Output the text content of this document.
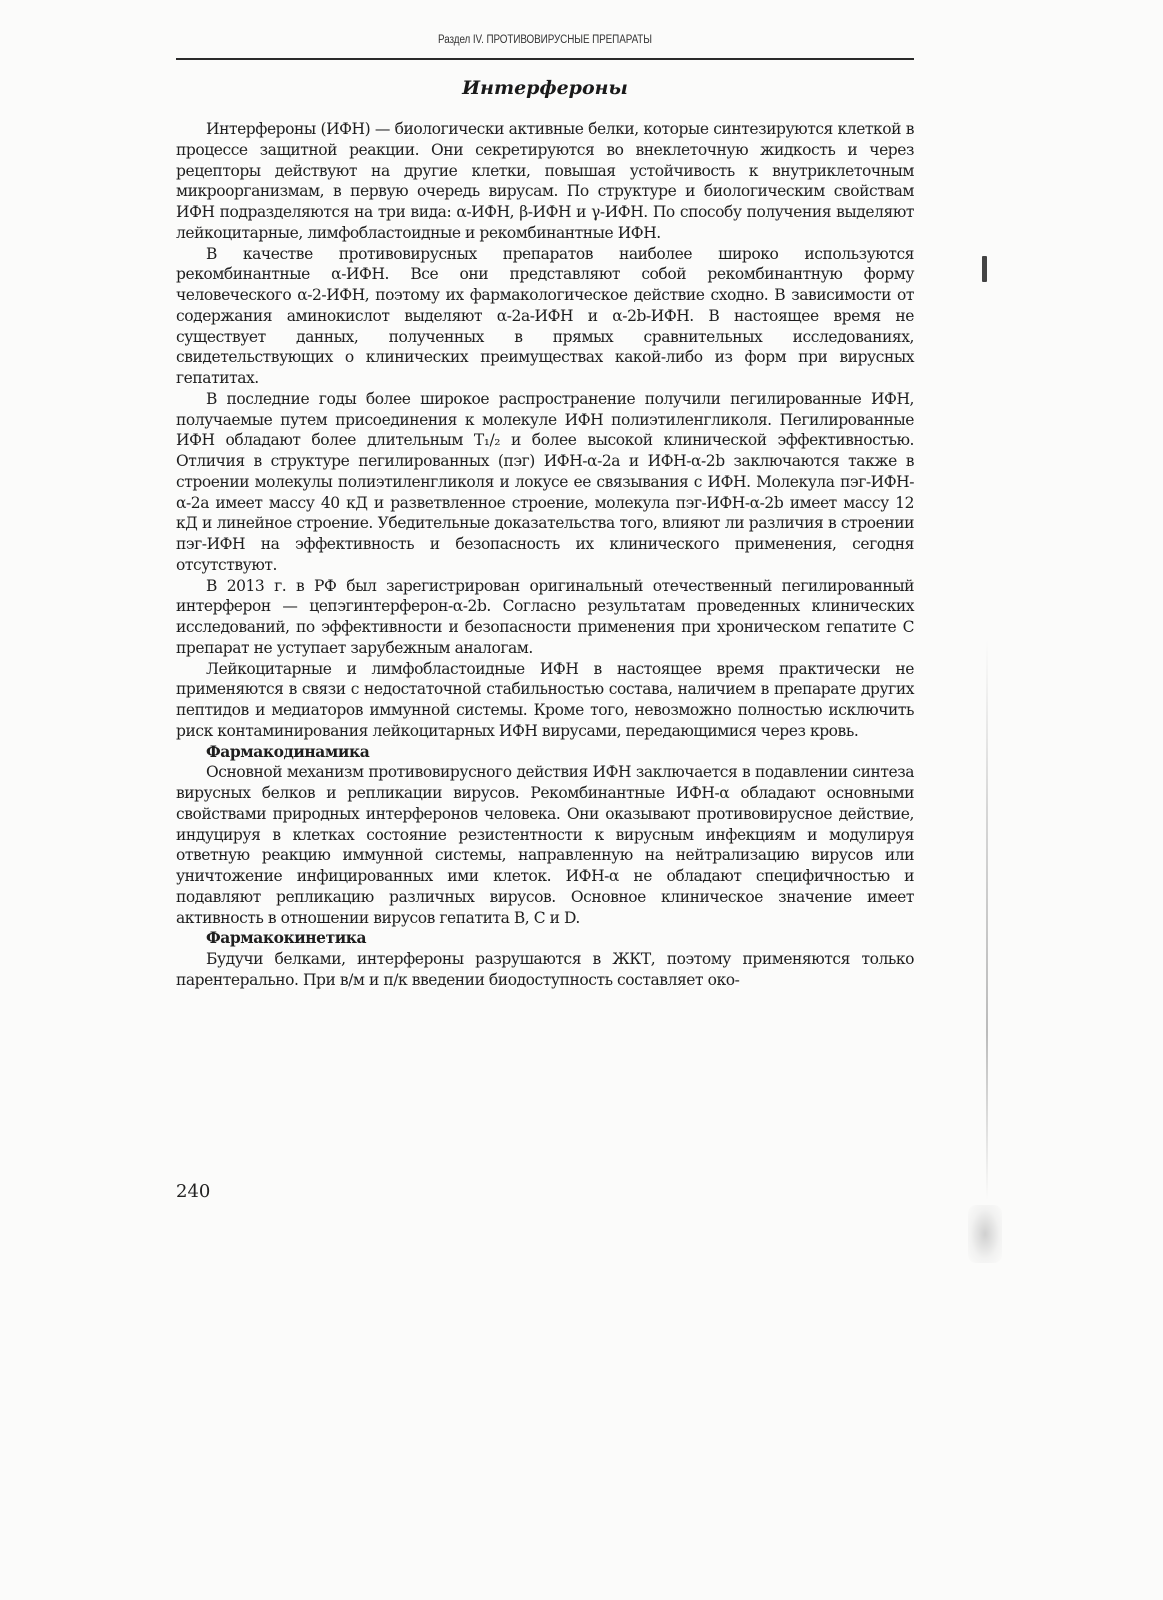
Раздел IV. ПРОТИВОВИРУСНЫЕ ПРЕПАРАТЫ
Интерфероны

Интерфероны (ИФН) — биологически активные белки, которые синтезируются клеткой в процессе защитной реакции. Они секретируются во внеклеточную жидкость и через рецепторы действуют на другие клетки, повышая устойчивость к внутриклеточным микроорганизмам, в первую очередь вирусам. По структуре и биологическим свойствам ИФН подразделяются на три вида: α-ИФН, β-ИФН и γ-ИФН. По способу получения выделяют лейкоцитарные, лимфобластоидные и рекомбинантные ИФН.

В качестве противовирусных препаратов наиболее широко используются рекомбинантные α-ИФН. Все они представляют собой рекомбинантную форму человеческого α-2-ИФН, поэтому их фармакологическое действие сходно. В зависимости от содержания аминокислот выделяют α-2a-ИФН и α-2b-ИФН. В настоящее время не существует данных, полученных в прямых сравнительных исследованиях, свидетельствующих о клинических преимуществах какой-либо из форм при вирусных гепатитах.

В последние годы более широкое распространение получили пегилированные ИФН, получаемые путем присоединения к молекуле ИФН полиэтиленгликоля. Пегилированные ИФН обладают более длительным T₁/₂ и более высокой клинической эффективностью. Отличия в структуре пегилированных (пэг) ИФН-α-2a и ИФН-α-2b заключаются также в строении молекулы полиэтиленгликоля и локусе ее связывания с ИФН. Молекула пэг-ИФН-α-2a имеет массу 40 кД и разветвленное строение, молекула пэг-ИФН-α-2b имеет массу 12 кД и линейное строение. Убедительные доказательства того, влияют ли различия в строении пэг-ИФН на эффективность и безопасность их клинического применения, сегодня отсутствуют.

В 2013 г. в РФ был зарегистрирован оригинальный отечественный пегилированный интерферон — цепэгинтерферон-α-2b. Согласно результатам проведенных клинических исследований, по эффективности и безопасности применения при хроническом гепатите С препарат не уступает зарубежным аналогам.

Лейкоцитарные и лимфобластоидные ИФН в настоящее время практически не применяются в связи с недостаточной стабильностью состава, наличием в препарате других пептидов и медиаторов иммунной системы. Кроме того, невозможно полностью исключить риск контаминирования лейкоцитарных ИФН вирусами, передающимися через кровь.

Фармакодинамика

Основной механизм противовирусного действия ИФН заключается в подавлении синтеза вирусных белков и репликации вирусов. Рекомбинантные ИФН-α обладают основными свойствами природных интерферонов человека. Они оказывают противовирусное действие, индуцируя в клетках состояние резистентности к вирусным инфекциям и модулируя ответную реакцию иммунной системы, направленную на нейтрализацию вирусов или уничтожение инфицированных ими клеток. ИФН-α не обладают специфичностью и подавляют репликацию различных вирусов. Основное клиническое значение имеет активность в отношении вирусов гепатита B, C и D.

Фармакокинетика

Будучи белками, интерфероны разрушаются в ЖКТ, поэтому применяются только парентерально. При в/м и п/к введении биодоступность составляет око-

240
